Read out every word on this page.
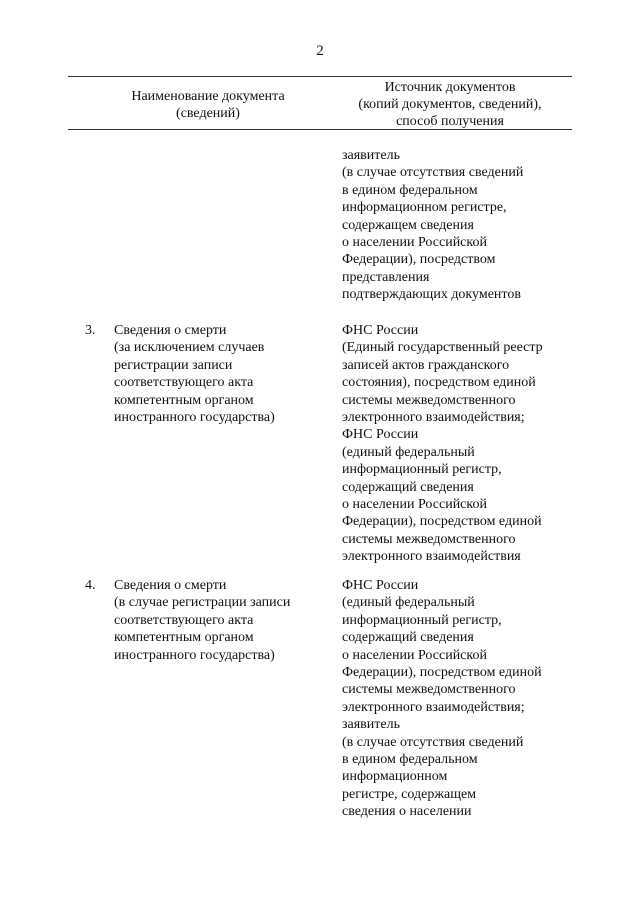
2
Наименование документа
(сведений)
Источник документов
(копий документов, сведений),
способ получения
заявитель
(в случае отсутствия сведений
в едином федеральном
информационном регистре,
содержащем сведения
о населении Российской
Федерации), посредством
представления
подтверждающих документов
3.	Сведения о смерти
(за исключением случаев
регистрации записи
соответствующего акта
компетентным органом
иностранного государства)
ФНС России
(Единый государственный реестр
записей актов гражданского
состояния), посредством единой
системы межведомственного
электронного взаимодействия;
ФНС России
(единый федеральный
информационный регистр,
содержащий сведения
о населении Российской
Федерации), посредством единой
системы межведомственного
электронного взаимодействия
4.	Сведения о смерти
(в случае регистрации записи
соответствующего акта
компетентным органом
иностранного государства)
ФНС России
(единый федеральный
информационный регистр,
содержащий сведения
о населении Российской
Федерации), посредством единой
системы межведомственного
электронного взаимодействия;
заявитель
(в случае отсутствия сведений
в едином федеральном
информационном
регистре, содержащем
сведения о населении
